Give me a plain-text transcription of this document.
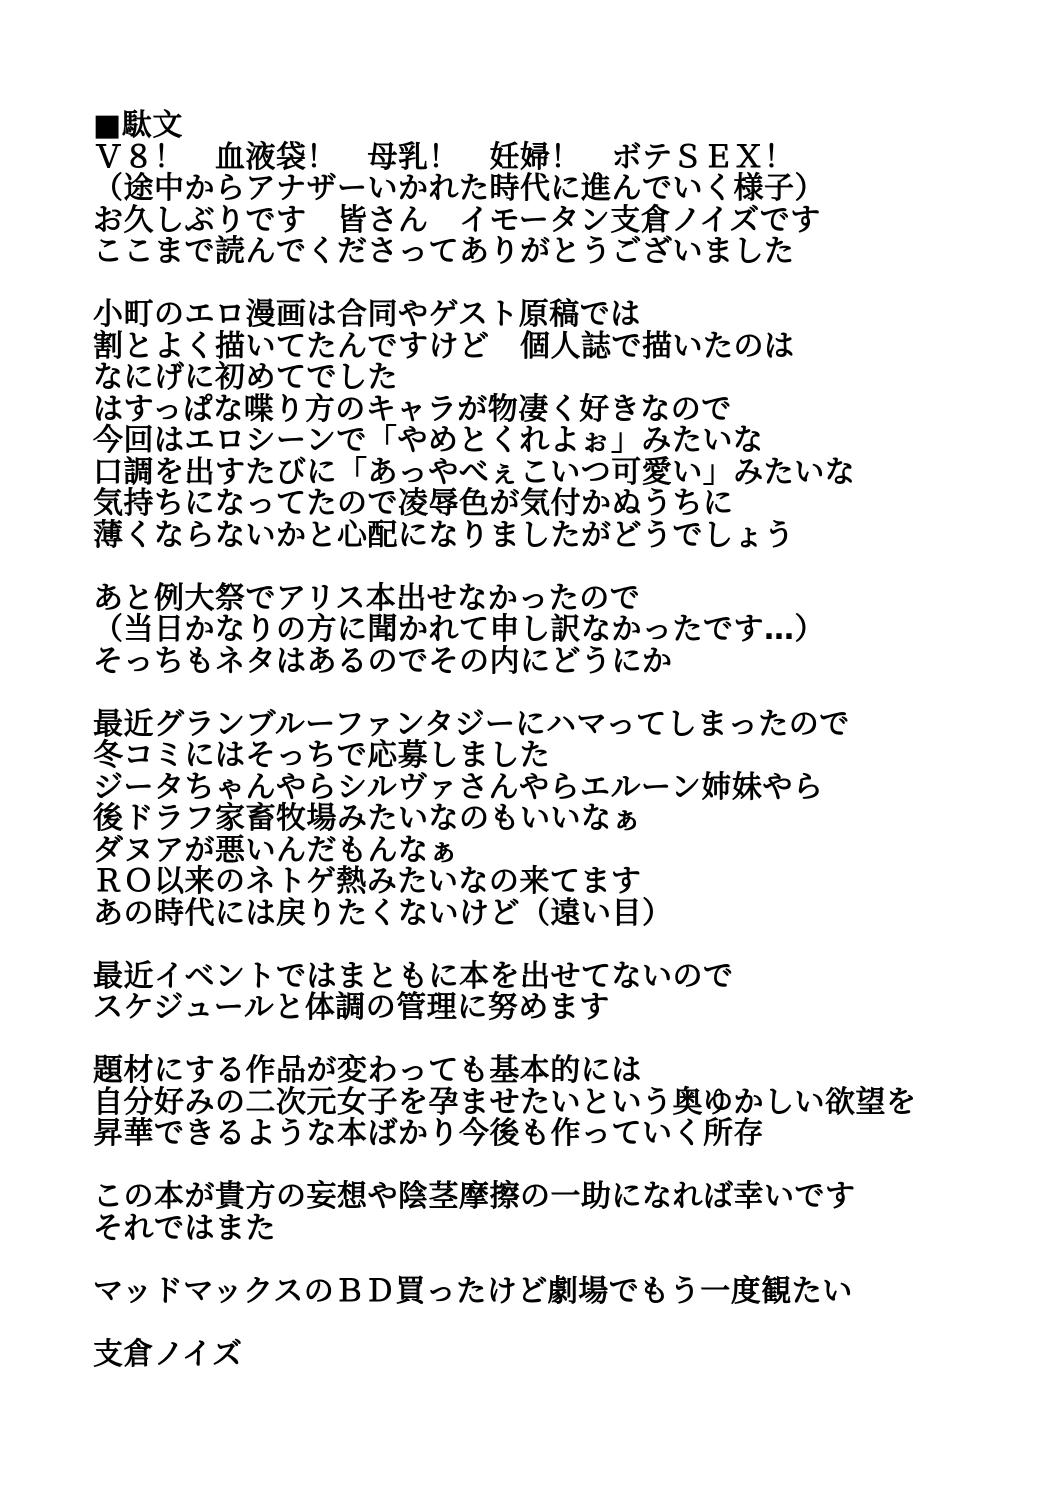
■駄文
Ｖ８！　血液袋！　母乳！　妊婦！　ボテＳＥＸ！
（途中からアナザーいかれた時代に進んでいく様子）
お久しぶりです　皆さん　イモータン支倉ノイズです
ここまで読んでくださってありがとうございました
小町のエロ漫画は合同やゲスト原稿では
割とよく描いてたんですけど　個人誌で描いたのは
なにげに初めてでした
はすっぱな喋り方のキャラが物凄く好きなので
今回はエロシーンで「やめとくれよぉ」みたいな
口調を出すたびに「あっやべぇこいつ可愛い」みたいな
気持ちになってたので凌辱色が気付かぬうちに
薄くならないかと心配になりましたがどうでしょう
あと例大祭でアリス本出せなかったので
（当日かなりの方に聞かれて申し訳なかったです…）
そっちもネタはあるのでその内にどうにか
最近グランブルーファンタジーにハマってしまったので
冬コミにはそっちで応募しました
ジータちゃんやらシルヴァさんやらエルーン姉妹やら
後ドラフ家畜牧場みたいなのもいいなぁ
ダヌアが悪いんだもんなぁ
ＲＯ以来のネトゲ熱みたいなの来てます
あの時代には戻りたくないけど（遠い目）
最近イベントではまともに本を出せてないので
スケジュールと体調の管理に努めます
題材にする作品が変わっても基本的には
自分好みの二次元女子を孕ませたいという奥ゆかしい欲望を
昇華できるような本ばかり今後も作っていく所存
この本が貴方の妄想や陰茎摩擦の一助になれば幸いです
それではまた
マッドマックスのＢＤ買ったけど劇場でもう一度観たい
支倉ノイズ
